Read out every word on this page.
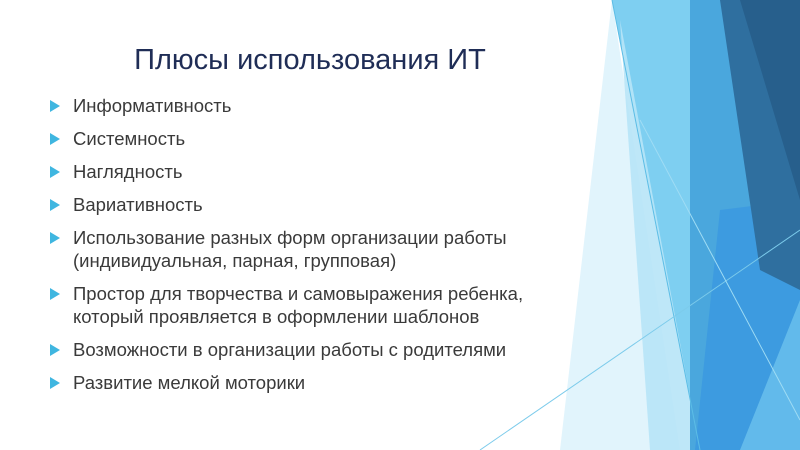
Плюсы использования ИТ
Информативность
Системность
Наглядность
Вариативность
Использование разных форм организации работы (индивидуальная, парная, групповая)
Простор для творчества и самовыражения ребенка, который проявляется в оформлении шаблонов
Возможности в организации работы с родителями
Развитие мелкой моторики
